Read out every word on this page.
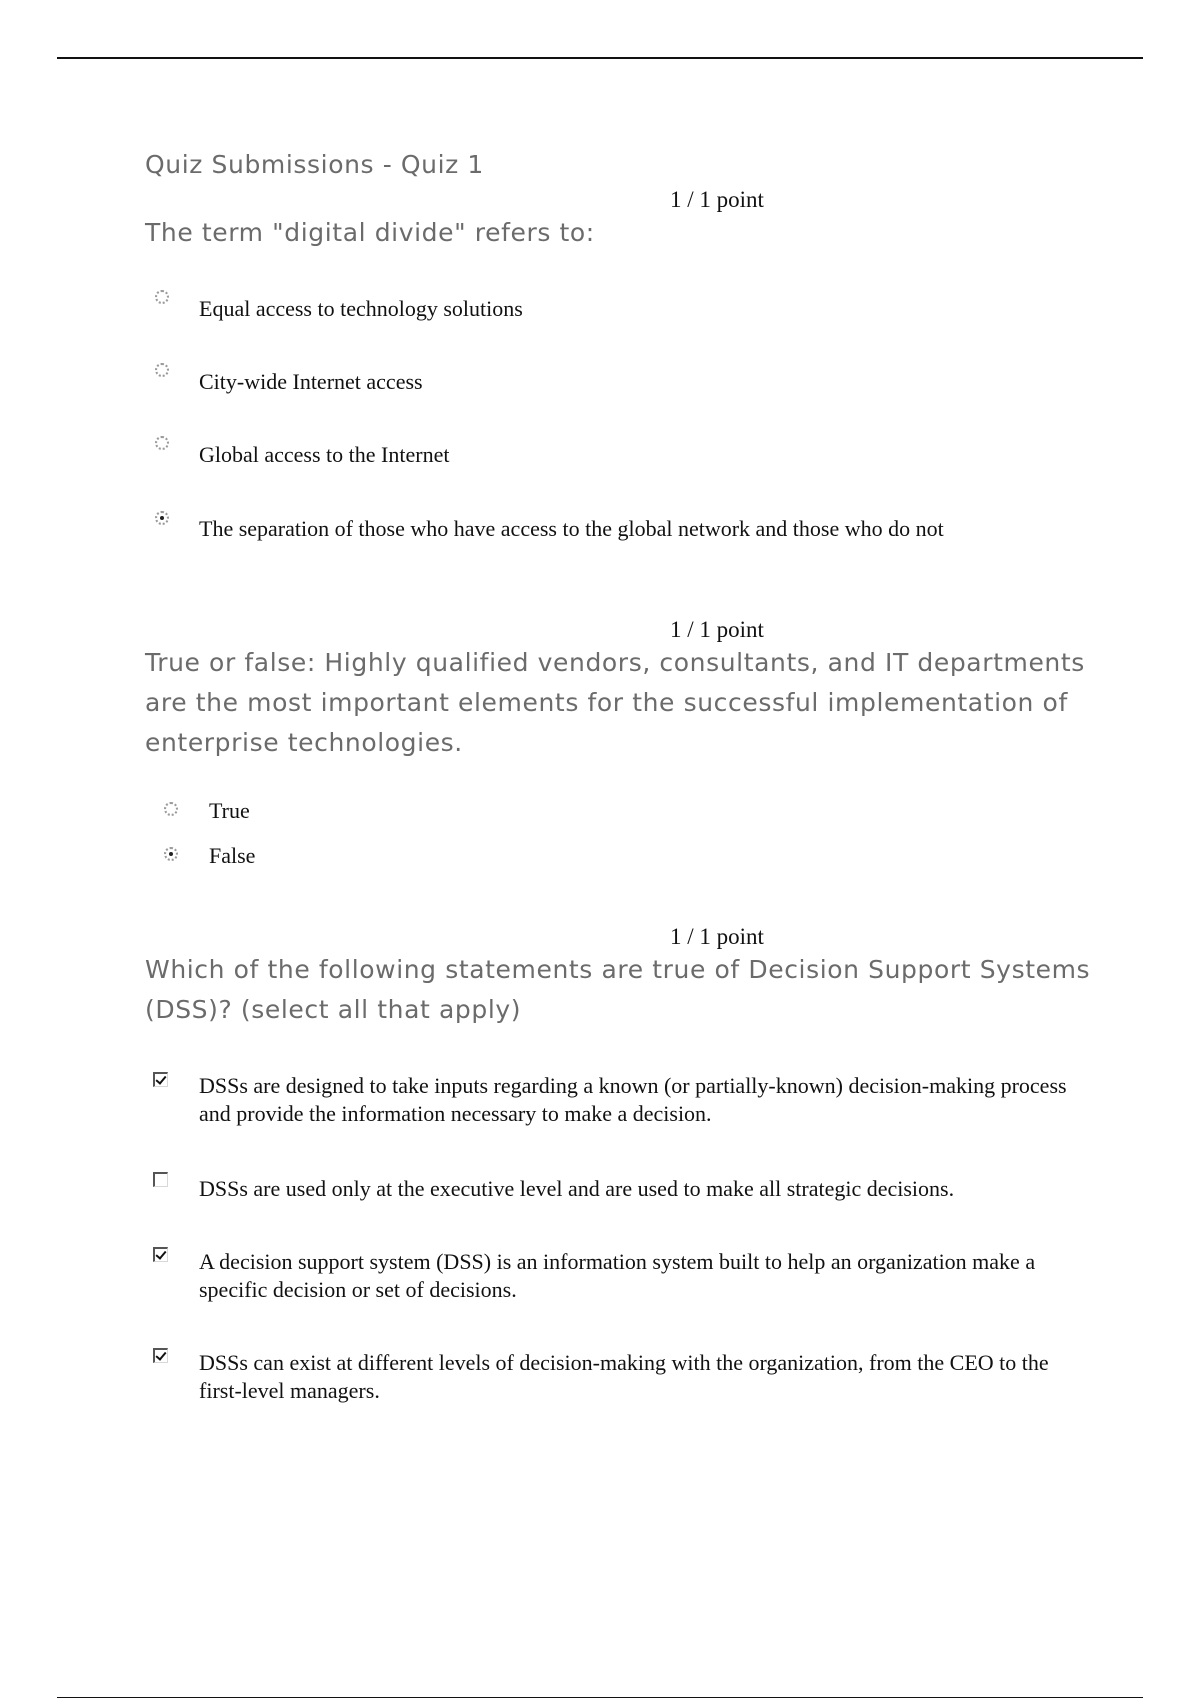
Quiz Submissions - Quiz 1
1 / 1 point
The term "digital divide" refers to:
Equal access to technology solutions
City-wide Internet access
Global access to the Internet
The separation of those who have access to the global network and those who do not
1 / 1 point
True or false: Highly qualified vendors, consultants, and IT departments are the most important elements for the successful implementation of enterprise technologies.
True
False
1 / 1 point
Which of the following statements are true of Decision Support Systems (DSS)? (select all that apply)
DSSs are designed to take inputs regarding a known (or partially-known) decision-making process and provide the information necessary to make a decision.
DSSs are used only at the executive level and are used to make all strategic decisions.
A decision support system (DSS) is an information system built to help an organization make a specific decision or set of decisions.
DSSs can exist at different levels of decision-making with the organization, from the CEO to the first-level managers.
